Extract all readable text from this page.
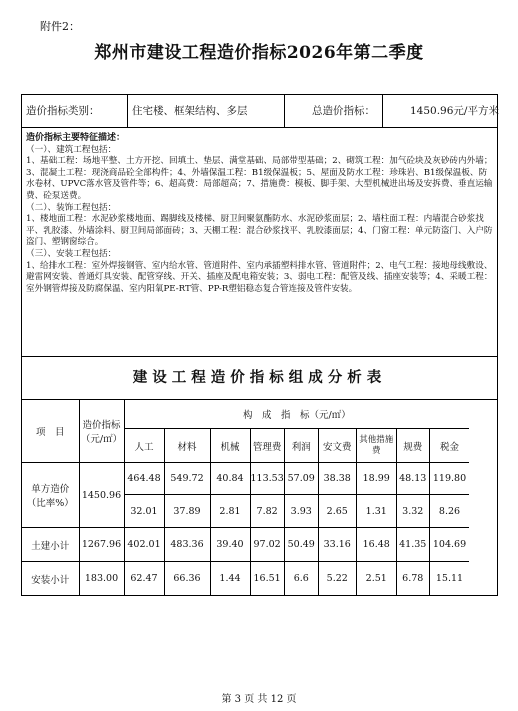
附件2：
郑州市建设工程造价指标2026年第二季度
造价指标类别：	住宅楼、框架结构、多层	总造价指标：	1450.96元/平方米

造价指标主要特征描述：

（一）、建筑工程包括：

1、基础工程：场地平整、土方开挖、回填土、垫层、满堂基础、局部带型基础；2、砌筑工程：加气砼块及灰砂砖内外墙；3、混凝土工程：现浇商品砼全部构件；4、外墙保温工程：B1级保温板；5、屋面及防水工程：珍珠岩、B1级保温板、防水卷材、UPVC落水管及管件等；6、超高费：局部超高；7、措施费：模板、脚手架、大型机械进出场及安拆费、垂直运输费、砼泵送费。

（二）、装饰工程包括：

1、楼地面工程：水泥砂浆楼地面、踢脚线及楼梯、厨卫间聚氨酯防水、水泥砂浆面层；2、墙柱面工程：内墙混合砂浆找平、乳胶漆、外墙涂料、厨卫间局部面砖；3、天棚工程：混合砂浆找平、乳胶漆面层；4、门窗工程：单元防盗门、入户防盗门、塑钢窗综合。

（三）、安装工程包括：

1、给排水工程：室外焊接钢管、室内给水管、管道附件、室内承插塑料排水管、管道附件；2、电气工程：接地母线敷设、避雷网安装、普通灯具安装、配管穿线、开关、插座及配电箱安装；3、弱电工程：配管及线、插座安装等；4、采暖工程：室外钢管焊接及防腐保温、室内阳氧PE-RT管、PP-R塑铝稳态复合管连接及管件安装。

建设工程造价指标组成分析表
项　目	造价指标（元/㎡）	构　成　指　标（元/㎡）								
		人工	材料	机械	管理费	利润	安文费	其他措施费	规费	税金
单方造价（比率%）	1450.96	464.48	549.72	40.84	113.53	57.09	38.38	18.99	48.13	119.80
		32.01	37.89	2.81	7.82	3.93	2.65	1.31	3.32	8.26
土建小计	1267.96	402.01	483.36	39.40	97.02	50.49	33.16	16.48	41.35	104.69
安装小计	183.00	62.47	66.36	1.44	16.51	6.6	5.22	2.51	6.78	15.11
第 3 页 共 12 页
